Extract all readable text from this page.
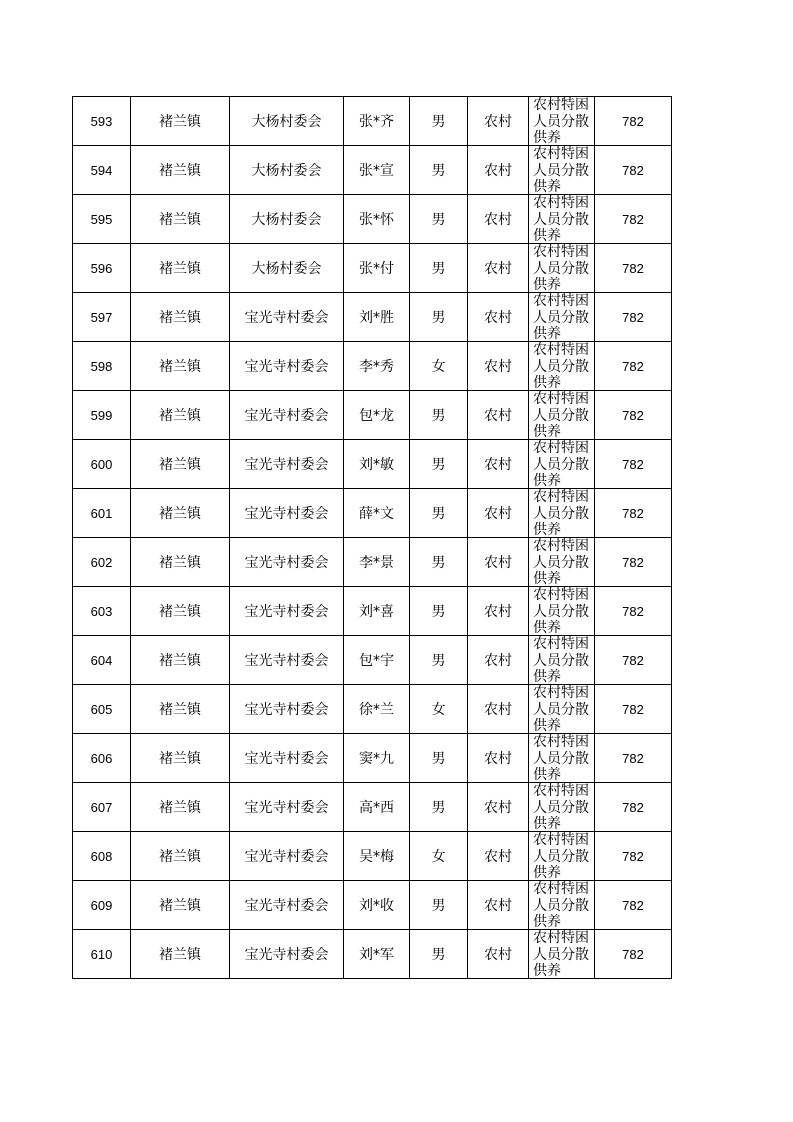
593	褚兰镇	大杨村委会	张*齐	男	农村	农村特困人员分散供养	782
594	褚兰镇	大杨村委会	张*宣	男	农村	农村特困人员分散供养	782
595	褚兰镇	大杨村委会	张*怀	男	农村	农村特困人员分散供养	782
596	褚兰镇	大杨村委会	张*付	男	农村	农村特困人员分散供养	782
597	褚兰镇	宝光寺村委会	刘*胜	男	农村	农村特困人员分散供养	782
598	褚兰镇	宝光寺村委会	李*秀	女	农村	农村特困人员分散供养	782
599	褚兰镇	宝光寺村委会	包*龙	男	农村	农村特困人员分散供养	782
600	褚兰镇	宝光寺村委会	刘*敏	男	农村	农村特困人员分散供养	782
601	褚兰镇	宝光寺村委会	薛*文	男	农村	农村特困人员分散供养	782
602	褚兰镇	宝光寺村委会	李*景	男	农村	农村特困人员分散供养	782
603	褚兰镇	宝光寺村委会	刘*喜	男	农村	农村特困人员分散供养	782
604	褚兰镇	宝光寺村委会	包*宇	男	农村	农村特困人员分散供养	782
605	褚兰镇	宝光寺村委会	徐*兰	女	农村	农村特困人员分散供养	782
606	褚兰镇	宝光寺村委会	窦*九	男	农村	农村特困人员分散供养	782
607	褚兰镇	宝光寺村委会	高*西	男	农村	农村特困人员分散供养	782
608	褚兰镇	宝光寺村委会	吴*梅	女	农村	农村特困人员分散供养	782
609	褚兰镇	宝光寺村委会	刘*收	男	农村	农村特困人员分散供养	782
610	褚兰镇	宝光寺村委会	刘*军	男	农村	农村特困人员分散供养	782
